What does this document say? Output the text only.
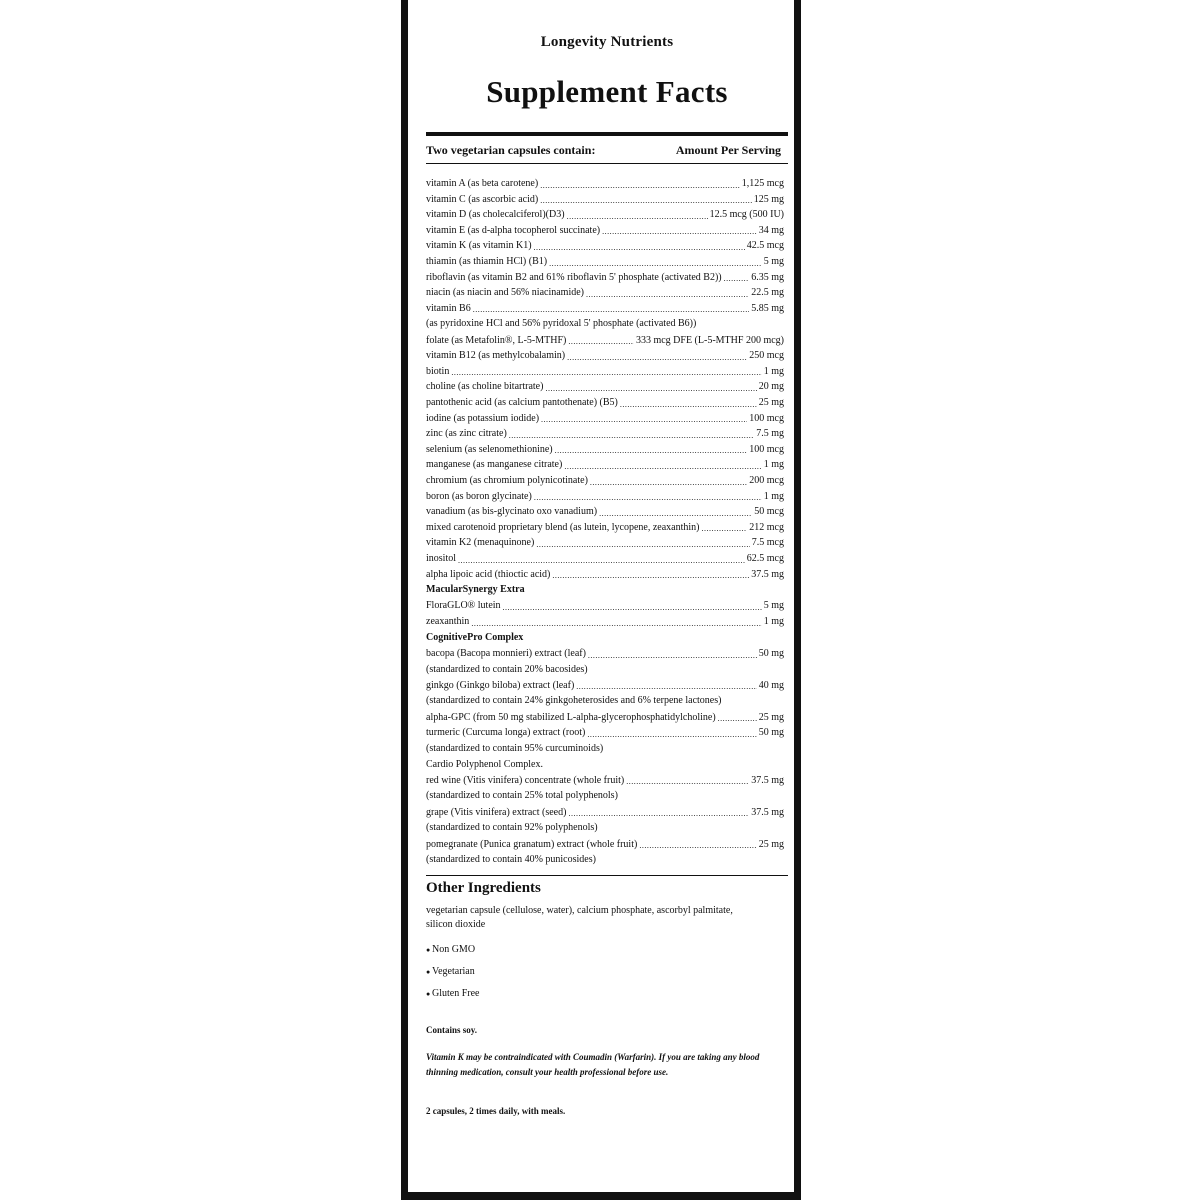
Longevity Nutrients
Supplement Facts
Two vegetarian capsules contain:	Amount Per Serving
vitamin A (as beta carotene) .....	1,125 mcg
vitamin C (as ascorbic acid) .....	125 mg
vitamin D (as cholecalciferol)(D3) .....	12.5 mcg (500 IU)
vitamin E (as d-alpha tocopherol succinate) .....	34 mg
vitamin K (as vitamin K1) .....	42.5 mcg
thiamin (as thiamin HCl) (B1) .....	5 mg
riboflavin (as vitamin B2 and 61% riboflavin 5' phosphate (activated B2)) .....	6.35 mg
niacin (as niacin and 56% niacinamide) .....	22.5 mg
vitamin B6 .....	5.85 mg
(as pyridoxine HCl and 56% pyridoxal 5' phosphate (activated B6))
folate (as Metafolin®, L-5-MTHF) .....	333 mcg DFE (L-5-MTHF 200 mcg)
vitamin B12 (as methylcobalamin) .....	250 mcg
biotin .....	1 mg
choline (as choline bitartrate) .....	20 mg
pantothenic acid (as calcium pantothenate) (B5) .....	25 mg
iodine (as potassium iodide) .....	100 mcg
zinc (as zinc citrate) .....	7.5 mg
selenium (as selenomethionine) .....	100 mcg
manganese (as manganese citrate) .....	1 mg
chromium (as chromium polynicotinate) .....	200 mcg
boron (as boron glycinate) .....	1 mg
vanadium (as bis-glycinato oxo vanadium) .....	50 mcg
mixed carotenoid proprietary blend (as lutein, lycopene, zeaxanthin) .....	212 mcg
vitamin K2 (menaquinone) .....	7.5 mcg
inositol .....	62.5 mcg
alpha lipoic acid (thioctic acid) .....	37.5 mg
MacularSynergy Extra
FloraGLO® lutein .....	5 mg
zeaxanthin .....	1 mg
CognitivePro Complex
bacopa (Bacopa monnieri) extract (leaf) .....	50 mg
(standardized to contain 20% bacosides)
ginkgo (Ginkgo biloba) extract (leaf) .....	40 mg
(standardized to contain 24% ginkgoheterosides and 6% terpene lactones)
alpha-GPC (from 50 mg stabilized L-alpha-glycerophosphatidylcholine) .....	25 mg
turmeric (Curcuma longa) extract (root) .....	50 mg
(standardized to contain 95% curcuminoids)
Cardio Polyphenol Complex.
red wine (Vitis vinifera) concentrate (whole fruit) .....	37.5 mg
(standardized to contain 25% total polyphenols)
grape (Vitis vinifera) extract (seed) .....	37.5 mg
(standardized to contain 92% polyphenols)
pomegranate (Punica granatum) extract (whole fruit) .....	25 mg
(standardized to contain 40% punicosides)
Other Ingredients
vegetarian capsule (cellulose, water), calcium phosphate, ascorbyl palmitate, silicon dioxide
● Non GMO
● Vegetarian
● Gluten Free
Contains soy.
Vitamin K may be contraindicated with Coumadin (Warfarin). If you are taking any blood thinning medication, consult your health professional before use.
2 capsules, 2 times daily, with meals.
